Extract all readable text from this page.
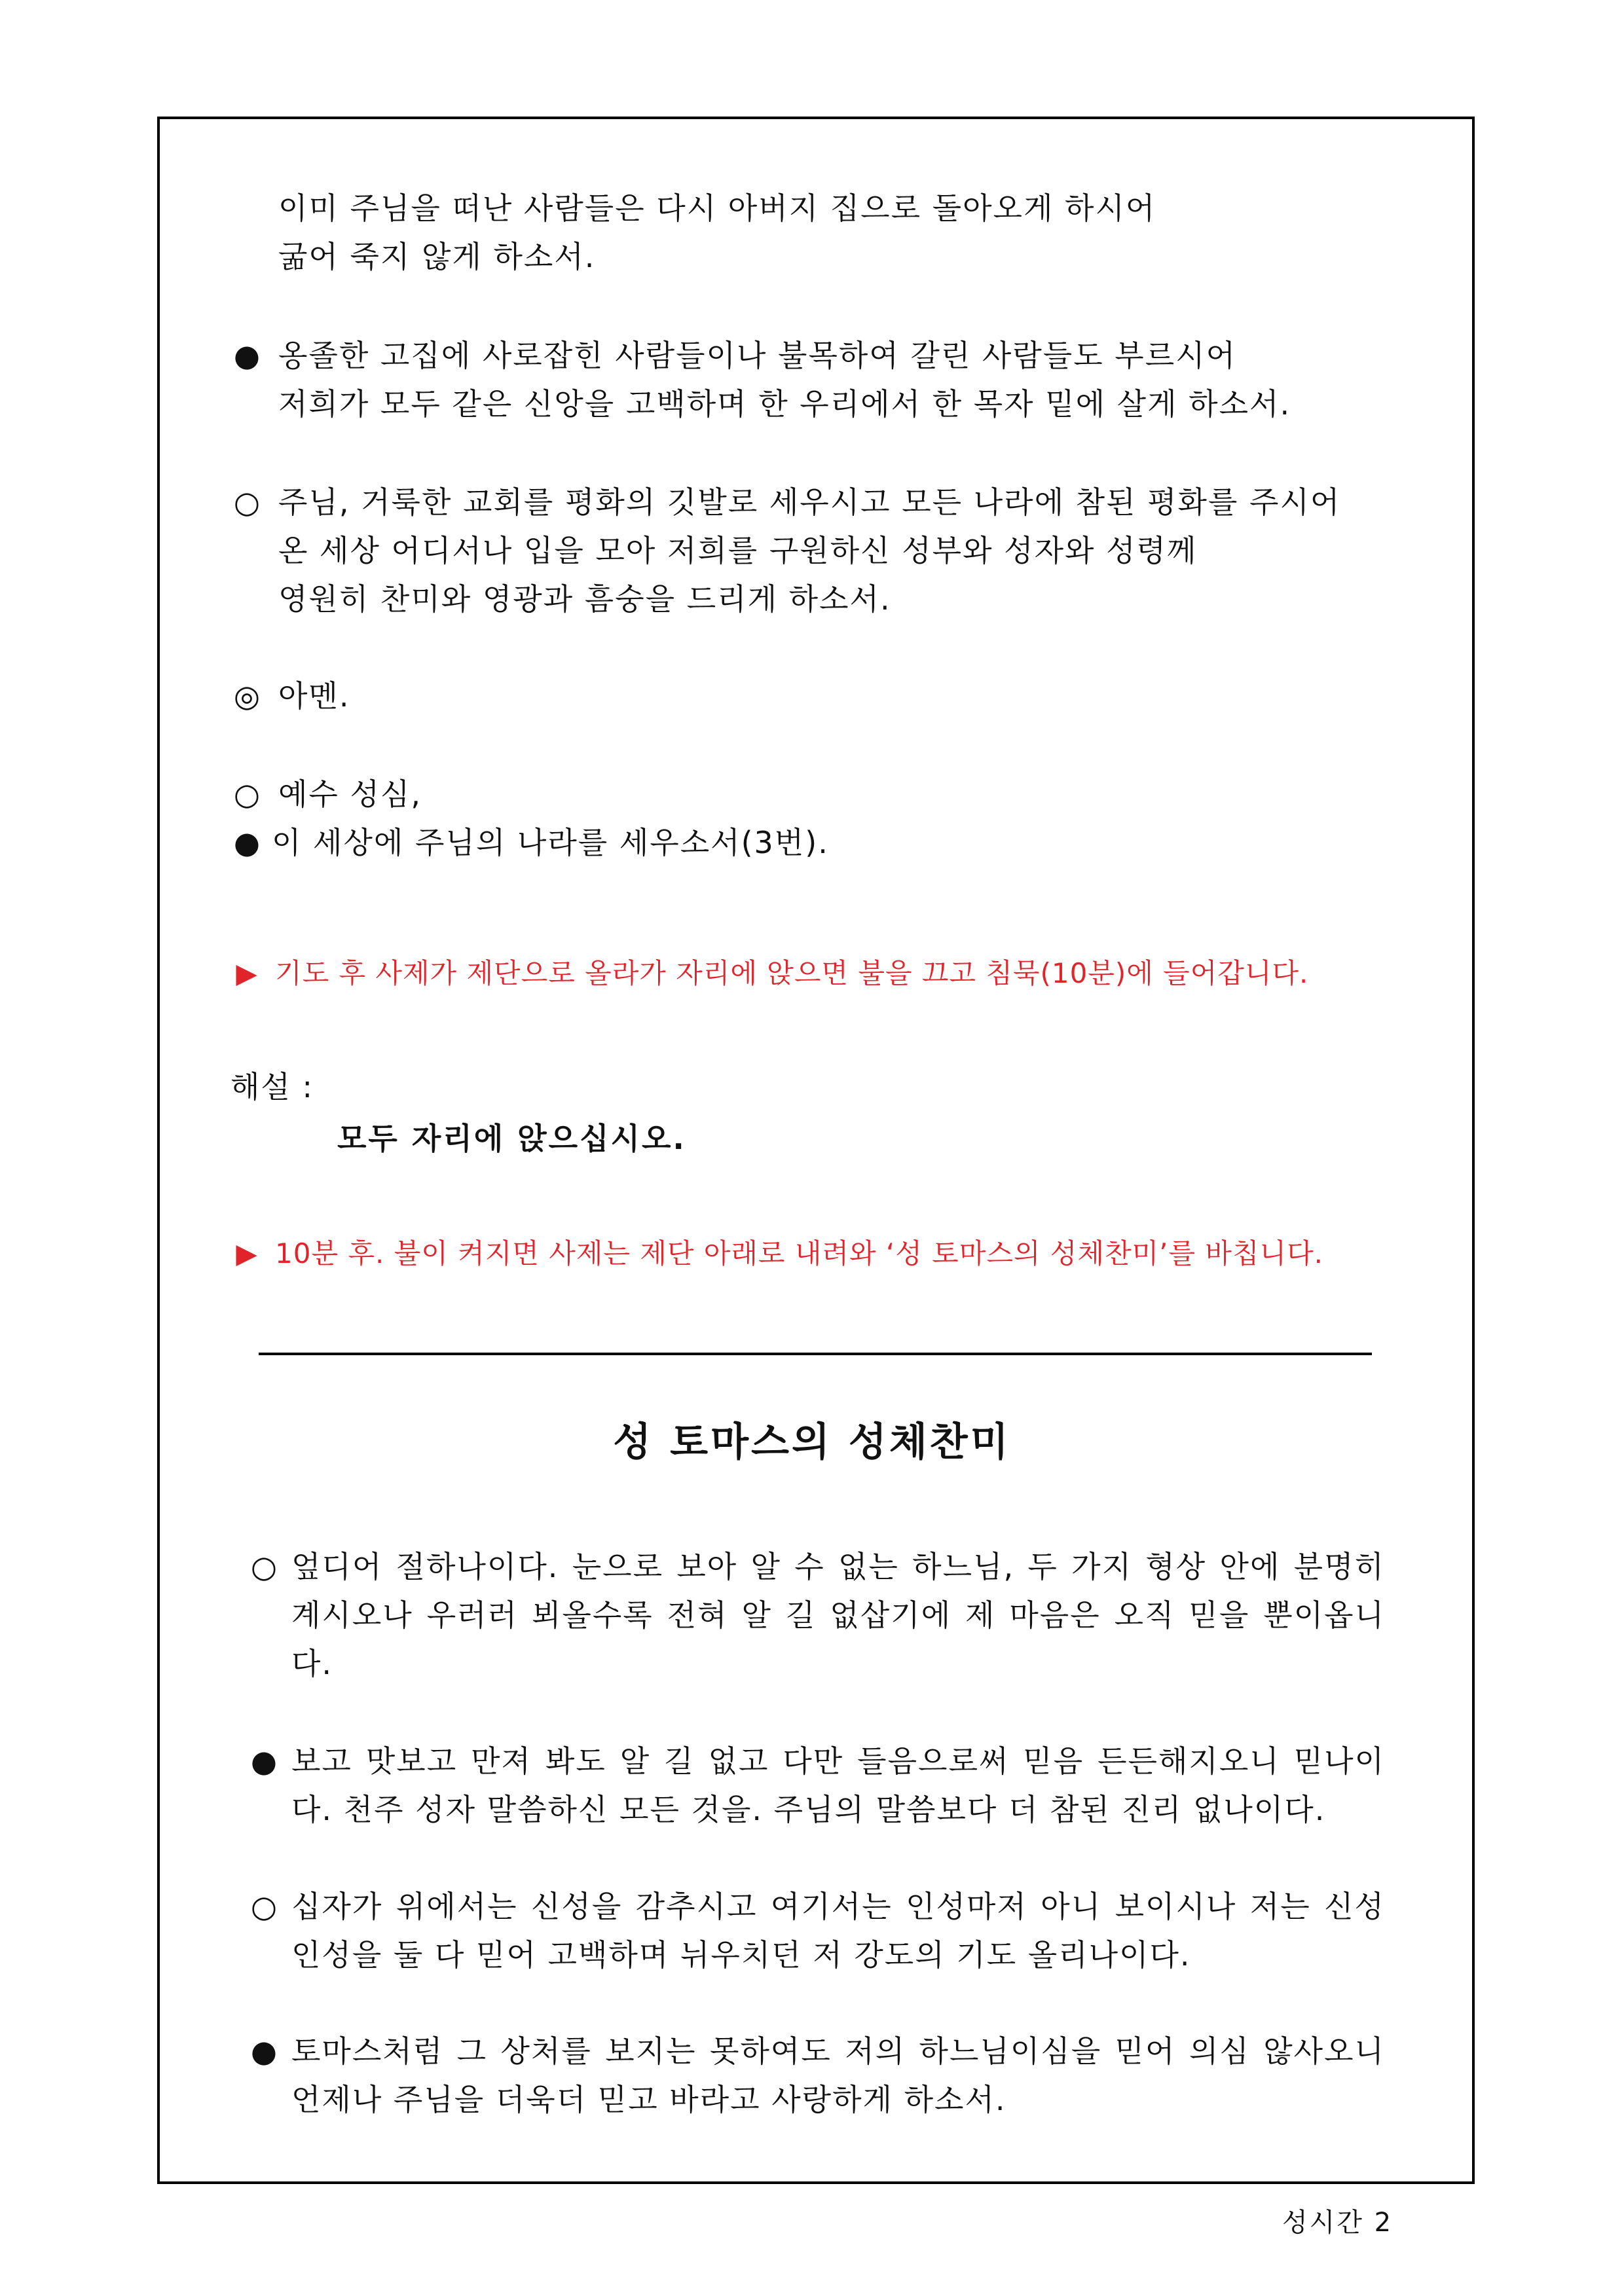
이미 주님을 떠난 사람들은 다시 아버지 집으로 돌아오게 하시어
굶어 죽지 않게 하소서.
● 옹졸한 고집에 사로잡힌 사람들이나 불목하여 갈린 사람들도 부르시어
저희가 모두 같은 신앙을 고백하며 한 우리에서 한 목자 밑에 살게 하소서.
○ 주님, 거룩한 교회를 평화의 깃발로 세우시고 모든 나라에 참된 평화를 주시어
온 세상 어디서나 입을 모아 저희를 구원하신 성부와 성자와 성령께
영원히 찬미와 영광과 흠숭을 드리게 하소서.
◎ 아멘.
○ 예수 성심,
● 이 세상에 주님의 나라를 세우소서(3번).
▶ 기도 후 사제가 제단으로 올라가 자리에 앉으면 불을 끄고 침묵(10분)에 들어갑니다.
해설 :
모두 자리에 앉으십시오.
▶ 10분 후. 불이 켜지면 사제는 제단 아래로 내려와 ‘성 토마스의 성체찬미’를 바칩니다.
성 토마스의 성체찬미
○ 엎디어 절하나이다. 눈으로 보아 알 수 없는 하느님, 두 가지 형상 안에 분명히
계시오나 우러러 뵈올수록 전혀 알 길 없삽기에 제 마음은 오직 믿을 뿐이옵니
다.
● 보고 맛보고 만져 봐도 알 길 없고 다만 들음으로써 믿음 든든해지오니 믿나이
다. 천주 성자 말씀하신 모든 것을. 주님의 말씀보다 더 참된 진리 없나이다.
○ 십자가 위에서는 신성을 감추시고 여기서는 인성마저 아니 보이시나 저는 신성
인성을 둘 다 믿어 고백하며 뉘우치던 저 강도의 기도 올리나이다.
● 토마스처럼 그 상처를 보지는 못하여도 저의 하느님이심을 믿어 의심 않사오니
언제나 주님을 더욱더 믿고 바라고 사랑하게 하소서.
성시간 2
